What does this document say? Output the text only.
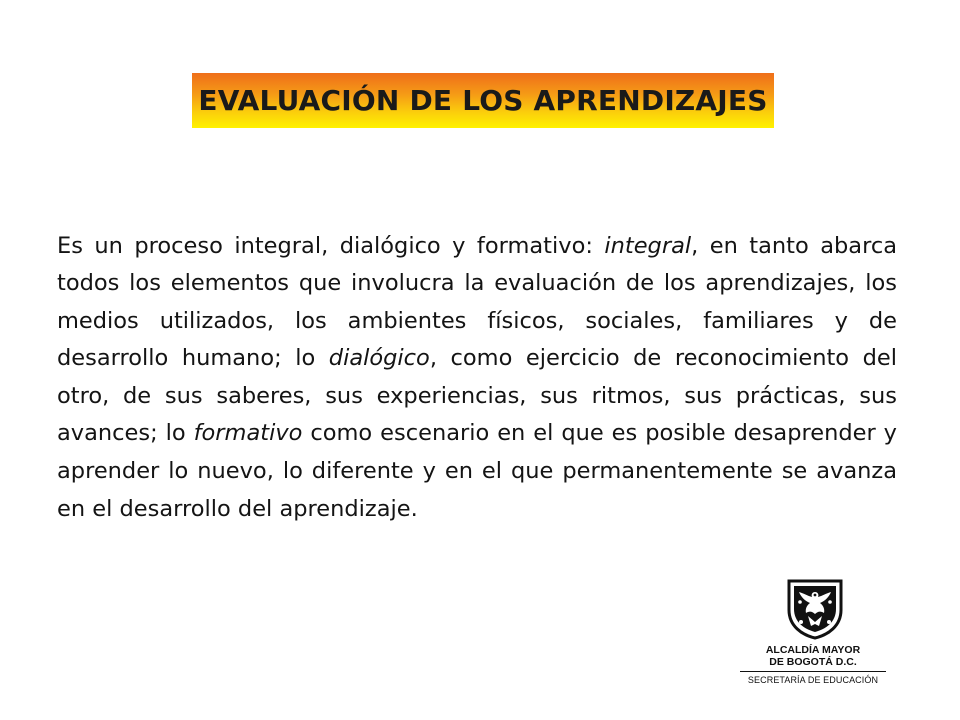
EVALUACIÓN DE LOS APRENDIZAJES

Es un proceso integral, dialógico y formativo: integral, en tanto abarca todos los elementos que involucra la evaluación de los aprendizajes, los medios utilizados, los ambientes físicos, sociales, familiares y de desarrollo humano; lo dialógico, como ejercicio de reconocimiento del otro, de sus saberes, sus experiencias, sus ritmos, sus prácticas, sus avances; lo formativo como escenario en el que es posible desaprender y aprender lo nuevo, lo diferente y en el que permanentemente se avanza en el desarrollo del aprendizaje.

ALCALDÍA MAYOR
DE BOGOTÁ D.C.
SECRETARÍA DE EDUCACIÓN
